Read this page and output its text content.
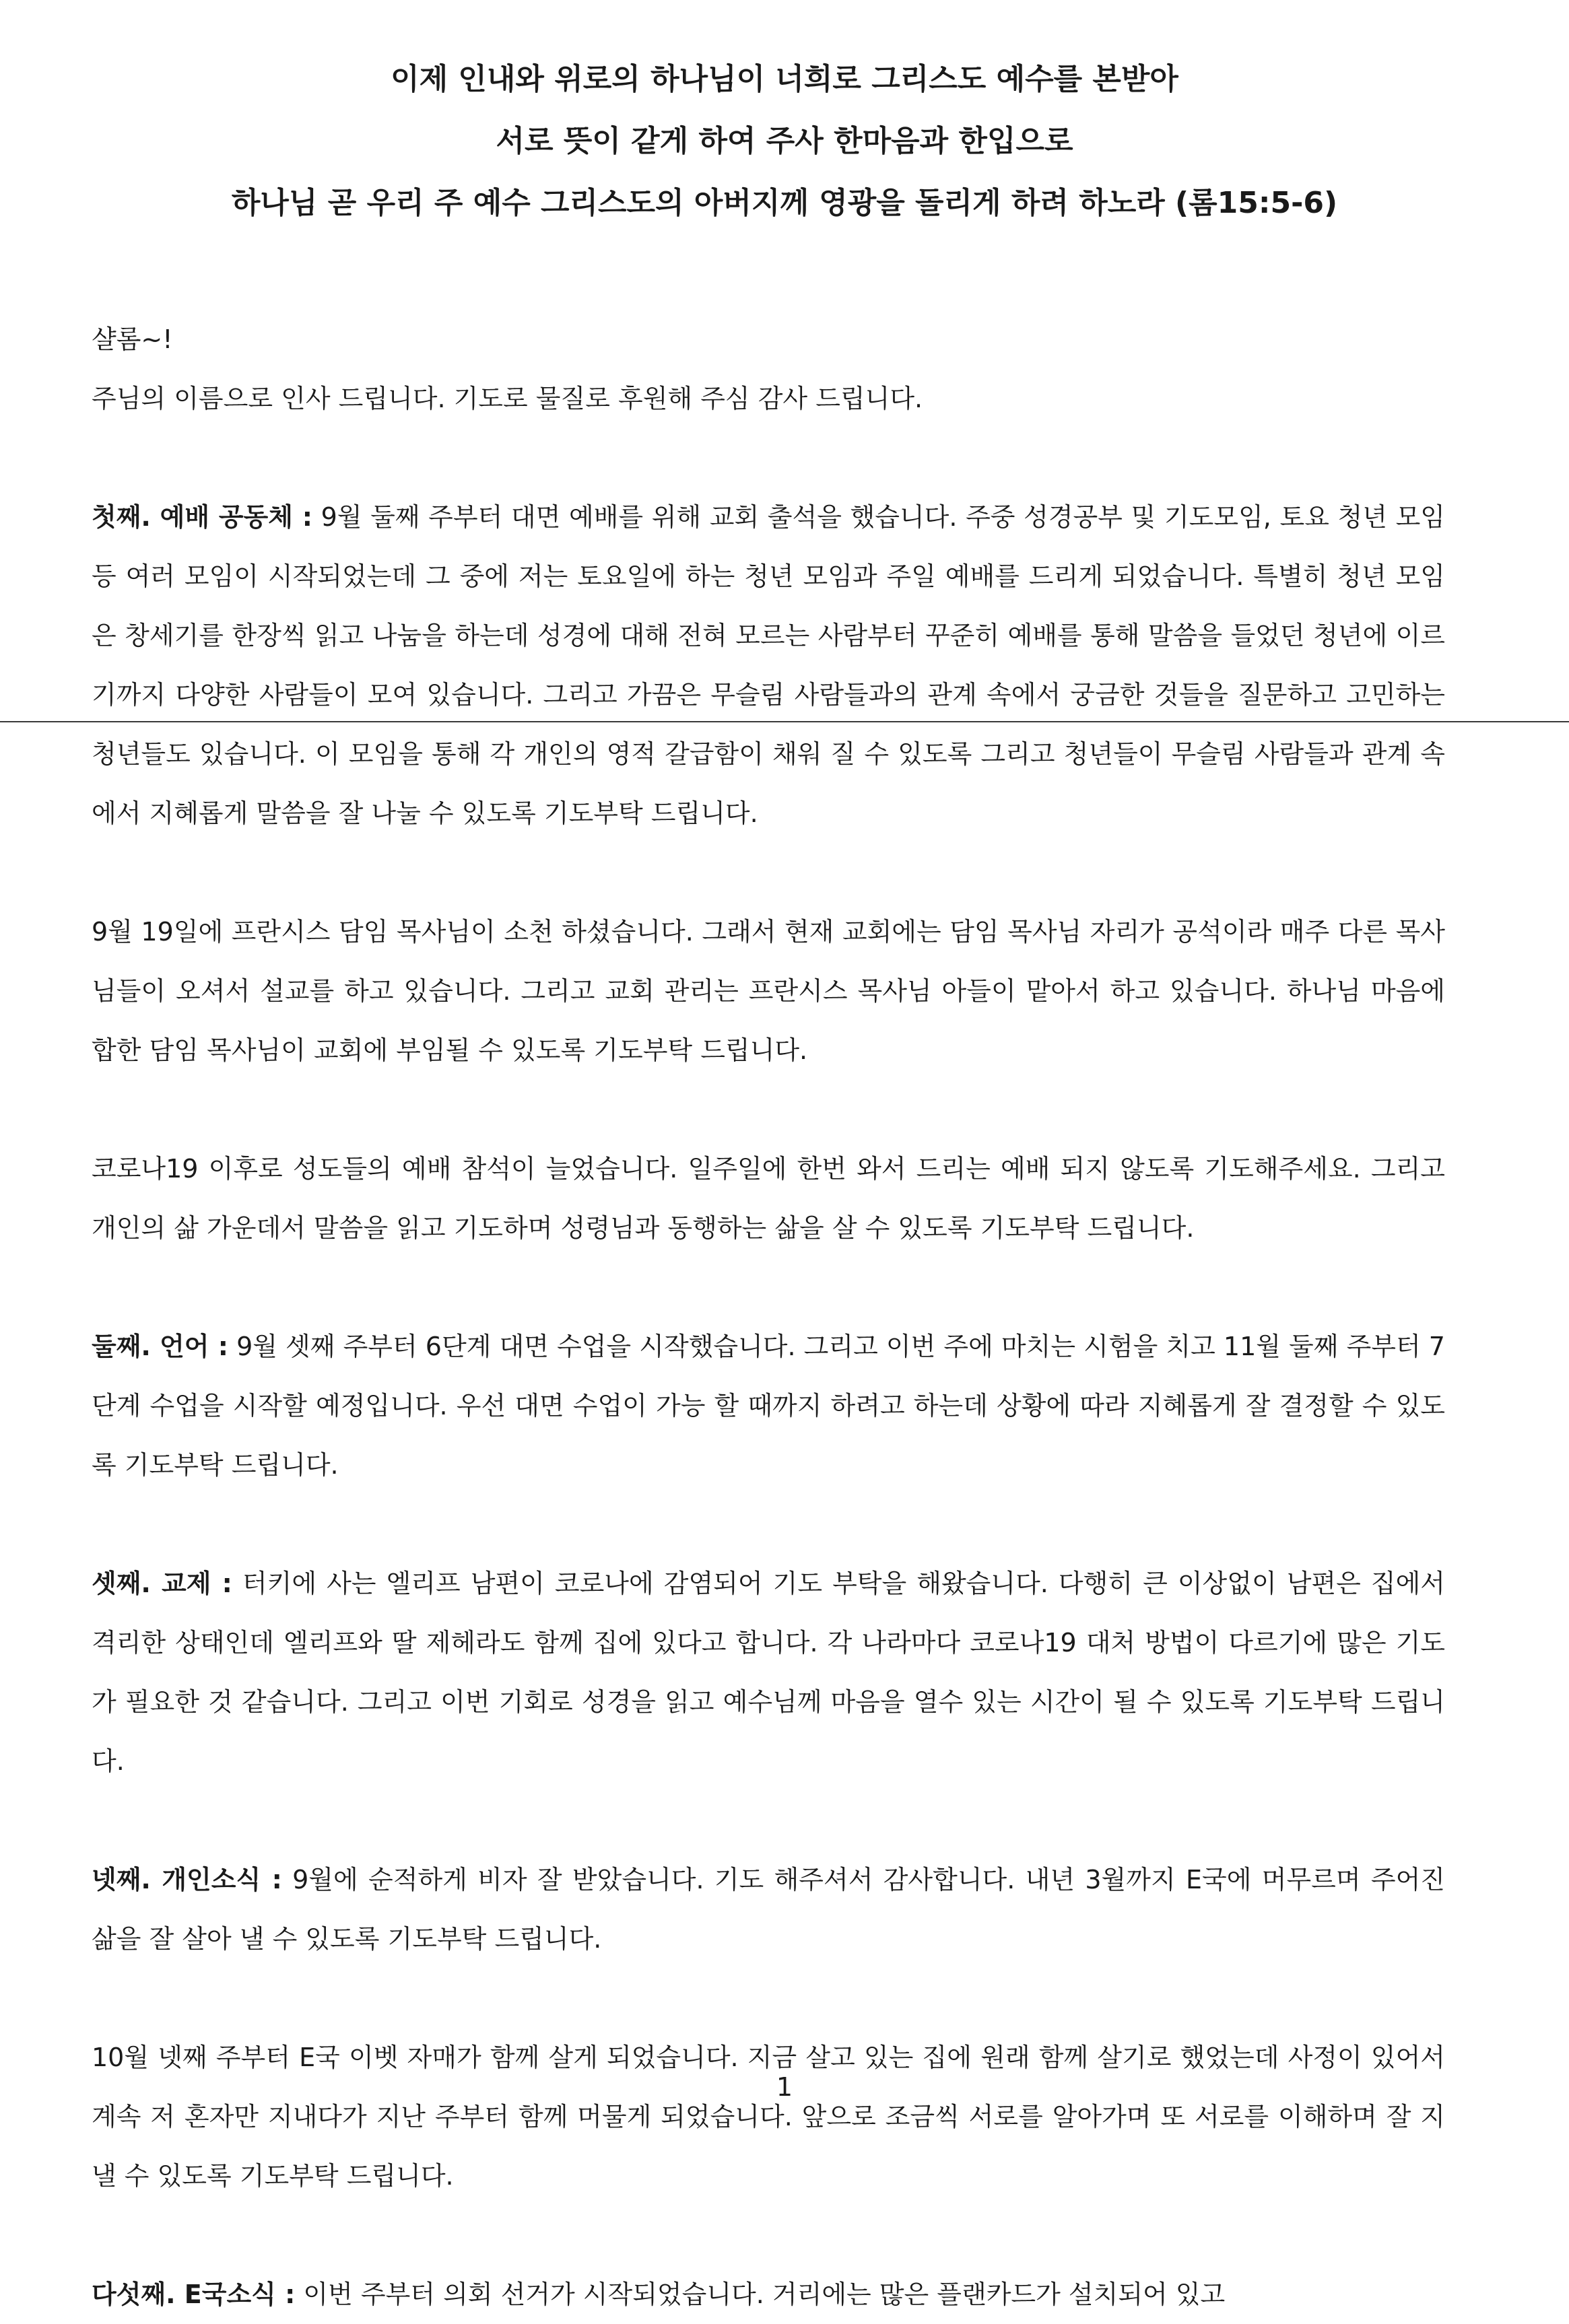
이제 인내와 위로의 하나님이 너희로 그리스도 예수를 본받아
서로 뜻이 같게 하여 주사 한마음과 한입으로
하나님 곧 우리 주 예수 그리스도의 아버지께 영광을 돌리게 하려 하노라 (롬15:5-6)

샬롬~!

주님의 이름으로 인사 드립니다. 기도로 물질로 후원해 주심 감사 드립니다.

첫째. 예배 공동체 : 9월 둘째 주부터 대면 예배를 위해 교회 출석을 했습니다. 주중 성경공부 및 기도모임, 토요 청년 모임등 여러 모임이 시작되었는데 그 중에 저는 토요일에 하는 청년 모임과 주일 예배를 드리게 되었습니다. 특별히 청년 모임은 창세기를 한장씩 읽고 나눔을 하는데 성경에 대해 전혀 모르는 사람부터 꾸준히 예배를 통해 말씀을 들었던 청년에 이르기까지 다양한 사람들이 모여 있습니다. 그리고 가끔은 무슬림 사람들과의 관계 속에서 궁금한 것들을 질문하고 고민하는 청년들도 있습니다. 이 모임을 통해 각 개인의 영적 갈급함이 채워 질 수 있도록 그리고 청년들이 무슬림 사람들과 관계 속에서 지혜롭게 말씀을 잘 나눌 수 있도록 기도부탁 드립니다.

9월 19일에 프란시스 담임 목사님이 소천 하셨습니다. 그래서 현재 교회에는 담임 목사님 자리가 공석이라 매주 다른 목사님들이 오셔서 설교를 하고 있습니다. 그리고 교회 관리는 프란시스 목사님 아들이 맡아서 하고 있습니다. 하나님 마음에 합한 담임 목사님이 교회에 부임될 수 있도록 기도부탁 드립니다.

코로나19 이후로 성도들의 예배 참석이 늘었습니다. 일주일에 한번 와서 드리는 예배 되지 않도록 기도해주세요. 그리고 개인의 삶 가운데서 말씀을 읽고 기도하며 성령님과 동행하는 삶을 살 수 있도록 기도부탁 드립니다.

둘째. 언어 : 9월 셋째 주부터 6단계 대면 수업을 시작했습니다. 그리고 이번 주에 마치는 시험을 치고 11월 둘째 주부터 7단계 수업을 시작할 예정입니다. 우선 대면 수업이 가능 할 때까지 하려고 하는데 상황에 따라 지혜롭게 잘 결정할 수 있도록 기도부탁 드립니다.

셋째. 교제 : 터키에 사는 엘리프 남편이 코로나에 감염되어 기도 부탁을 해왔습니다. 다행히 큰 이상없이 남편은 집에서 격리한 상태인데 엘리프와 딸 제헤라도 함께 집에 있다고 합니다. 각 나라마다 코로나19 대처 방법이 다르기에 많은 기도가 필요한 것 같습니다. 그리고 이번 기회로 성경을 읽고 예수님께 마음을 열수 있는 시간이 될 수 있도록 기도부탁 드립니다.

넷째. 개인소식 : 9월에 순적하게 비자 잘 받았습니다. 기도 해주셔서 감사합니다. 내년 3월까지 E국에 머무르며 주어진 삶을 잘 살아 낼 수 있도록 기도부탁 드립니다.

10월 넷째 주부터 E국 이벳 자매가 함께 살게 되었습니다. 지금 살고 있는 집에 원래 함께 살기로 했었는데 사정이 있어서 계속 저 혼자만 지내다가 지난 주부터 함께 머물게 되었습니다. 앞으로 조금씩 서로를 알아가며 또 서로를 이해하며 잘 지낼 수 있도록 기도부탁 드립니다.

다섯째. E국소식 : 이번 주부터 의회 선거가 시작되었습니다. 거리에는 많은 플랜카드가 설치되어 있고

1
